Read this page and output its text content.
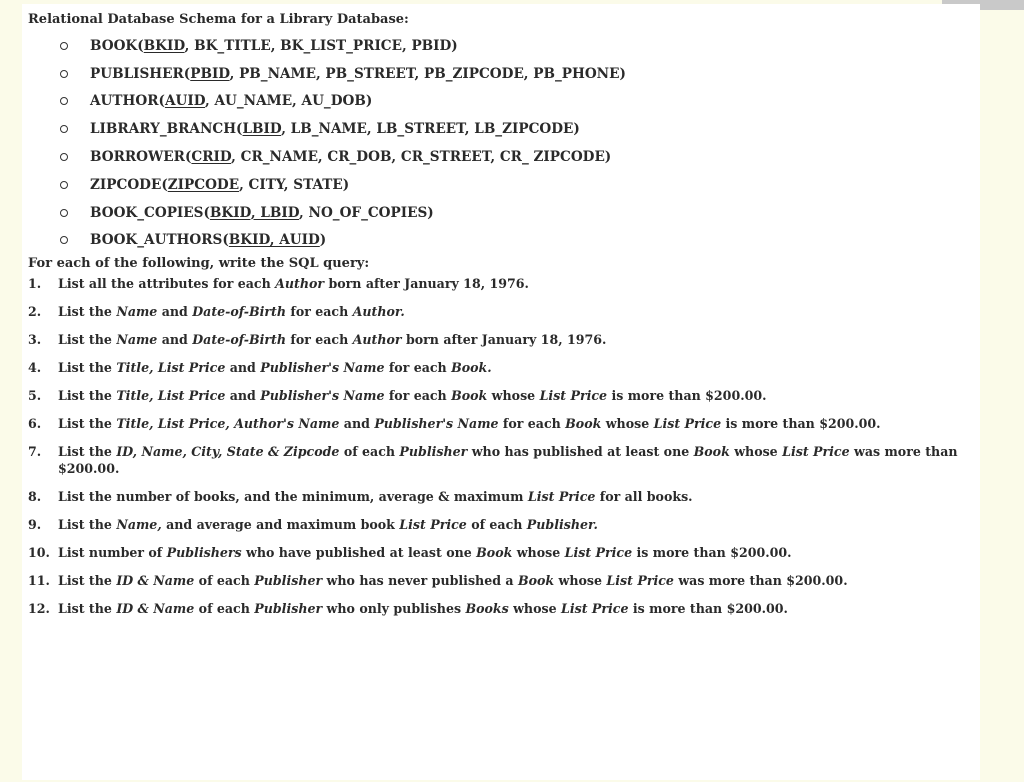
Relational Database Schema for a Library Database:
BOOK(BKID, BK_TITLE, BK_LIST_PRICE, PBID)
PUBLISHER(PBID, PB_NAME, PB_STREET, PB_ZIPCODE, PB_PHONE)
AUTHOR(AUID, AU_NAME, AU_DOB)
LIBRARY_BRANCH(LBID, LB_NAME, LB_STREET, LB_ZIPCODE)
BORROWER(CRID, CR_NAME, CR_DOB, CR_STREET, CR_ ZIPCODE)
ZIPCODE(ZIPCODE, CITY, STATE)
BOOK_COPIES(BKID, LBID, NO_OF_COPIES)
BOOK_AUTHORS(BKID, AUID)
For each of the following, write the SQL query:
1.	List all the attributes for each Author born after January 18, 1976.
2.	List the Name and Date-of-Birth for each Author.
3.	List the Name and Date-of-Birth for each Author born after January 18, 1976.
4.	List the Title, List Price and Publisher's Name for each Book.
5.	List the Title, List Price and Publisher's Name for each Book whose List Price is more than $200.00.
6.	List the Title, List Price, Author's Name and Publisher's Name for each Book whose List Price is more than $200.00.
7.	List the ID, Name, City, State & Zipcode of each Publisher who has published at least one Book whose List Price was more than $200.00.
8.	List the number of books, and the minimum, average & maximum List Price for all books.
9.	List the Name, and average and maximum book List Price of each Publisher.
10. List number of Publishers who have published at least one Book whose List Price is more than $200.00.
11. List the ID & Name of each Publisher who has never published a Book whose List Price was more than $200.00.
12. List the ID & Name of each Publisher who only publishes Books whose List Price is more than $200.00.
